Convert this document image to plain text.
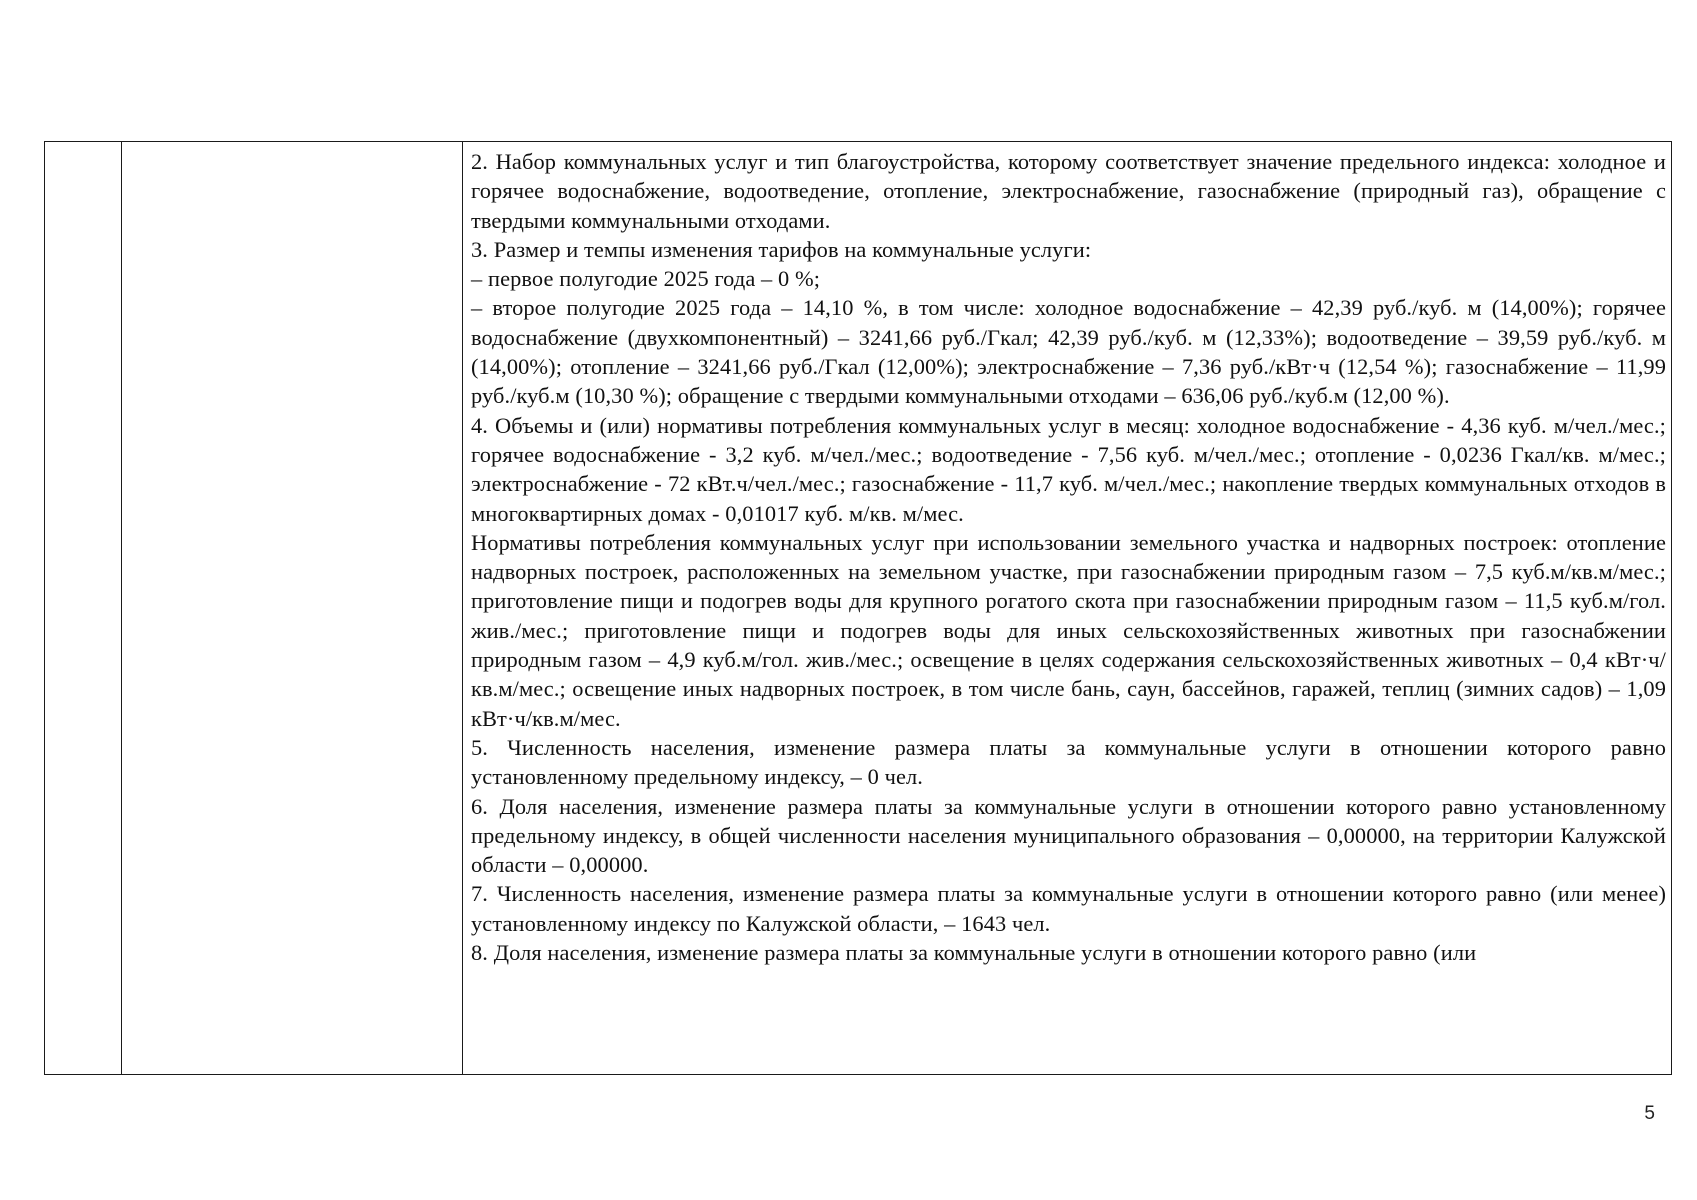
2. Набор коммунальных услуг и тип благоустройства, которому соответствует значение предельного индекса: холодное и горячее водоснабжение, водоотведение, отопление, электроснабжение, газоснабжение (природный газ), обращение с твердыми коммунальными отходами.

3. Размер и темпы изменения тарифов на коммунальные услуги:

– первое полугодие 2025 года – 0 %;

– второе полугодие 2025 года – 14,10 %, в том числе: холодное водоснабжение – 42,39 руб./куб. м (14,00%); горячее водоснабжение (двухкомпонентный) – 3241,66 руб./Гкал; 42,39 руб./куб. м (12,33%); водоотведение – 39,59 руб./куб. м (14,00%); отопление – 3241,66 руб./Гкал (12,00%); электроснабжение – 7,36 руб./кВт·ч (12,54 %); газоснабжение – 11,99 руб./куб.м (10,30 %); обращение с твердыми коммунальными отходами – 636,06 руб./куб.м (12,00 %).

4. Объемы и (или) нормативы потребления коммунальных услуг в месяц: холодное водоснабжение - 4,36 куб. м/чел./мес.; горячее водоснабжение - 3,2 куб. м/чел./мес.; водоотведение - 7,56 куб. м/чел./мес.; отопление - 0,0236 Гкал/кв. м/мес.; электроснабжение - 72 кВт.ч/чел./мес.; газоснабжение - 11,7 куб. м/чел./мес.; накопление твердых коммунальных отходов в многоквартирных домах - 0,01017 куб. м/кв. м/мес.

Нормативы потребления коммунальных услуг при использовании земельного участка и надворных построек: отопление надворных построек, расположенных на земельном участке, при газоснабжении природным газом – 7,5 куб.м/кв.м/мес.; приготовление пищи и подогрев воды для крупного рогатого скота при газоснабжении природным газом – 11,5 куб.м/гол. жив./мес.; приготовление пищи и подогрев воды для иных сельскохозяйственных животных при газоснабжении природным газом – 4,9 куб.м/гол. жив./мес.; освещение в целях содержания сельскохозяйственных животных – 0,4 кВт·ч/кв.м/мес.; освещение иных надворных построек, в том числе бань, саун, бассейнов, гаражей, теплиц (зимних садов) – 1,09 кВт·ч/кв.м/мес.

5. Численность населения, изменение размера платы за коммунальные услуги в отношении которого равно установленному предельному индексу, – 0 чел.

6. Доля населения, изменение размера платы за коммунальные услуги в отношении которого равно установленному предельному индексу, в общей численности населения муниципального образования – 0,00000, на территории Калужской области – 0,00000.

7. Численность населения, изменение размера платы за коммунальные услуги в отношении которого равно (или менее) установленному индексу по Калужской области, – 1643 чел.

8. Доля населения, изменение размера платы за коммунальные услуги в отношении которого равно (или

5
